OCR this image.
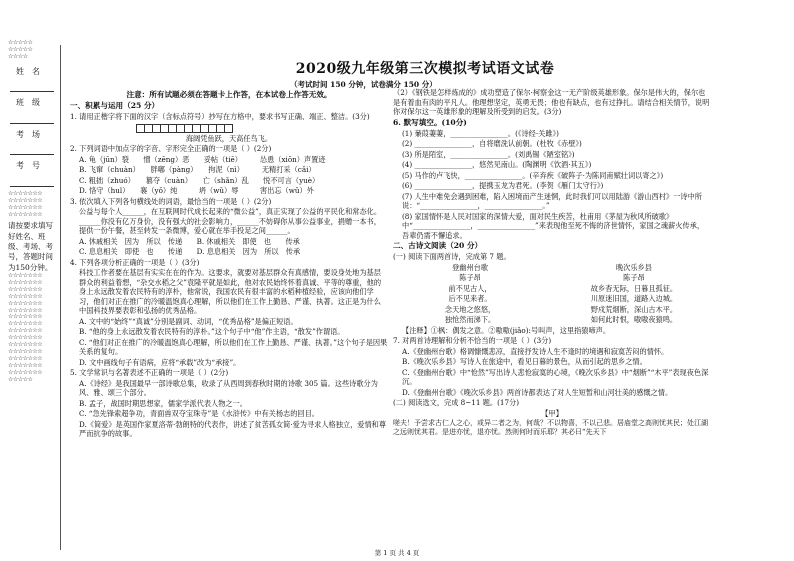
☆☆☆☆☆
☆☆☆☆☆
☆☆☆☆
姓名
班级
考场
考号
☆☆☆☆☆☆☆
☆☆☆☆☆☆☆
☆☆☆☆☆☆☆
☆☆☆☆☆☆☆
请按要求填写好姓名、班级、考场、考号，答题时间为150分钟。
☆☆☆☆☆☆☆
☆☆☆☆☆☆☆
☆☆☆☆☆☆☆
☆☆☆☆☆☆☆
☆☆☆☆☆☆☆
☆☆☆☆☆☆☆
☆☆☆☆☆☆☆
☆☆☆☆☆☆☆
☆☆☆☆☆☆☆
☆☆☆☆☆☆☆
☆☆☆☆☆☆☆
☆☆☆☆☆☆☆
☆☆☆☆☆☆☆
☆☆☆☆☆☆☆
☆☆☆☆☆☆☆
☆☆☆☆☆
2020级九年级第三次模拟考试语文试卷
（考试时间 150 分钟，试卷满分 150 分）

注意：所有试题必须在答题卡上作答，在本试卷上作答无效。

一、积累与运用（25 分）

1. 请用正楷字将下面的汉字（含标点符号）抄写在方格中，要求书写正确、端正、整洁。(3分)

海阔凭鱼跃，天高任鸟飞。

2. 下列词语中加点字的字音、字形完全正确的一项是（ ）(2分)

A. 龟（jūn）裂　　憎（zēng）恶　　妥帖（tiē）　　　怂恿（xiōn）声置迹

B. 飞窜（chuàn）　　胖嘟（pàng）　　拘泥（nì）　　　无精打采（cǎi）

C. 粗拙（zhuó）　　篡夺（cuàn）　　亡（shǎn）乱　　悦不可言（yuè）

D. 恪守（hul）　　褰（yǒ）纯　　　坍（wǔ）辱　　　害出忘（wǔ）外

3. 依次填入下列各句横线处的词语，最恰当的一项是（ ）(2分)

公益与每个人______，在互联网时代成长起来的“微公益”，真正实现了公益的平民化和常态化。______你没有亿万身价，没有强大的社会影响力，______不妨碍你从事公益事业，捐赠一本书，提供一份午餐，甚至转发一条微博，爱心就在举手投足之间______。

A. 休戚相关　因为　所以　传递　　B. 休戚相关　即使　也　　传承

C. 息息相关　即使　也　　传递　　D. 息息相关　因为　所以　传承

4. 下列各项分析正确的一项是（ ）(3分)

科技工作者要在基层有实实在在的作为。这要求，就要对基层群众有真感情，要设身处地为基层群众的利益着想，“杂交水稻之父”袁隆平就是如此，他对农民始终怀着真诚、平等的尊重，他的身上永远散发着农民特有的淳朴，他常说，我国农民有很丰富的水稻种植经验，应该向他们学习，他们对正在推广的冷暖温饱真心理解，所以他们在工作上勤恳、严谨、执著。这正是为什么中国科技界要表彰和弘扬的优秀品格。

A. 文中的“始终”“真诚”分别是副词、动词，“优秀品格”是偏正短语。

B. “他的身上永远散发着农民特有的淳朴。”这个句子中“他”作主语，“散发”作谓语。

C. “他们对正在推广的冷暖温饱真心理解，所以他们在工作上勤恳、严谨、执著。”这个句子是因果关系的复句。

D. 文中画线句子有语病，应将“承载”改为“承接”。

5. 文学常识与名著表述不正确的一项是（ ）(2分)

A.《诗经》是我国最早一部诗歌总集，收录了从西周到春秋时期的诗歌 305 篇。这些诗歌分为风、雅、颂三个部分。

B. 孟子，战国时期思想家，儒家学派代表人物之一。

C. “急先锋索超争功，青面兽双夺宝珠寺”是《水浒传》中有关杨志的回目。

D.《简爱》是英国作家夏洛蒂·勃朗特的代表作，讲述了贫苦孤女简·爱为寻求人格独立，爱情和尊严而抗争的故事。

（2）《钢铁是怎样炼成的》成功塑造了保尔·柯察金这一无产阶级英雄形象。保尔是伟大的，保尔也是有着血有肉的平凡人。他理想坚定，英勇无畏；他也有缺点，也有过挣扎。请结合相关情节，说明你对保尔这一英雄形象的理解及所受到的启发。(3分)

6. 默写填空。(10分)

(1) 蒹葭萋萋，________________。(《诗经·关雎》)

(2) ________________，自将磨洗认前朝。(杜牧《赤壁》)

(3) 所是陌室，________________。(刘禹锡《陋室铭》)

(4) ________________，悠然见南山。(陶渊明《饮酒·其五》)

(5) 马作的卢飞快，________________。(辛弃疾《破阵子·为陈同甫赋壮词以寄之》)

(6) ________________，提携玉龙为君死。(李贺《雁门太守行》)

(7) 人生中难免会遇到困难，陷入困境而产生迷惘，此时我们可以用陆游《游山西村》一诗中所说：“________________，________________。”

(8) 家国情怀是人民对国家的深情大爱，面对民生疾苦，杜甫用《茅屋为秋风所破歌》中“________________，________________”来表现他至死不悔的济世情怀，家国之魂薪火传承，吾辈仍需不懈追求。

二、古诗文阅读（20 分）

(一) 阅读下面两首诗，完成第 7 题。

登幽州台歌

陈子昂

前不见古人，

后不见来者。

念天地之悠悠，

独怆然而涕下。

晚次乐乡县

陈子昂

故乡杳无际，日暮且孤征。

川原迷旧国，道路入边城。

野戍荒烟断，深山古木平。

如何此时恨，嗷嗷夜猿鸣。

【注释】①枫：偶发之意。②嗷嗷(jiǎo):号叫声，这里指猿啼声。

7. 对两首诗理解和分析不恰当的一项是（ ）(3分)

A.《登幽州台歌》格调慷慨悲凉，直接抒发诗人生不逢时的境遇和寂寞苦闷的情怀。

B.《晚次乐乡县》写诗人在旅途中，看见日暮的景色，从而引起的思乡之情。

C.《登幽州台歌》中“怆然”写出诗人悲怆寂寞的心境，《晚次乐乡县》中“烟断”“木平”表现夜色深沉。

D.《登幽州台歌》《晚次乐乡县》两首诗都表达了对人生短暂和山河壮美的感慨之情。

(二) 阅读选文，完成 8~11 题。(17分)

【甲】

嗟夫！予尝求古仁人之心，或异二者之为，何哉？不以物喜，不以己悲。居庙堂之高则忧其民；处江湖之远则忧其君。是进亦忧，退亦忧。然则何时而乐耶？其必曰“先天下

第 1 页 共 4 页
